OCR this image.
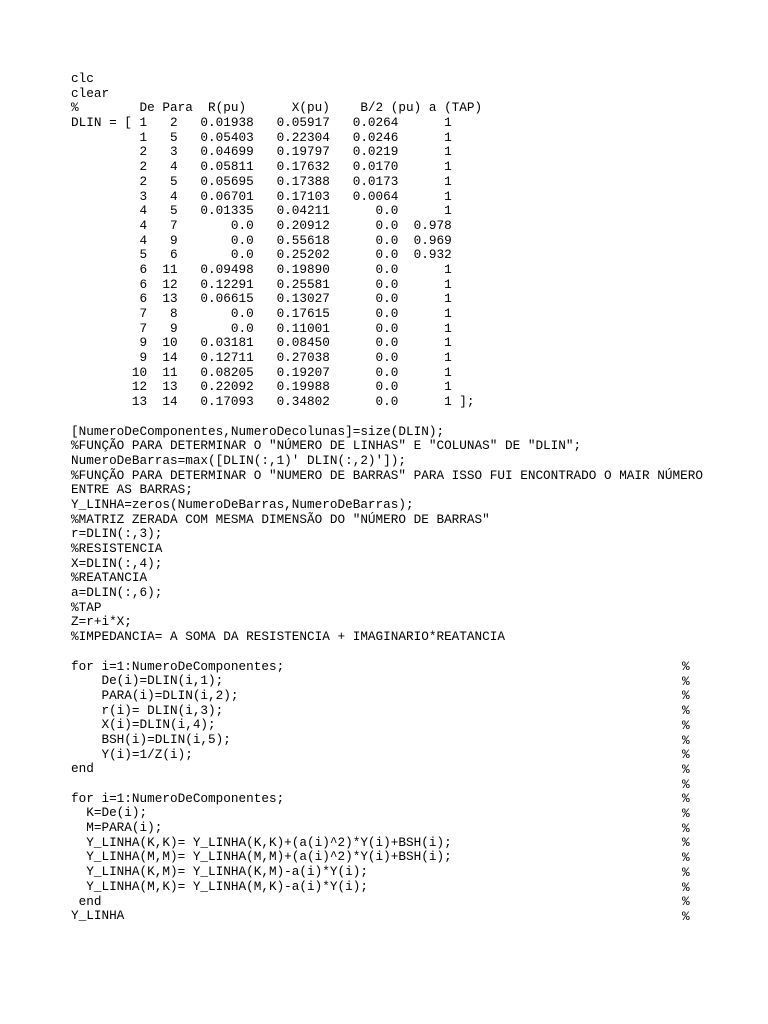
clc
clear
%        De Para  R(pu)      X(pu)    B/2 (pu) a (TAP)
DLIN = [ 1   2   0.01938   0.05917   0.0264      1
1   5   0.05403   0.22304   0.0246      1
2   3   0.04699   0.19797   0.0219      1
2   4   0.05811   0.17632   0.0170      1
2   5   0.05695   0.17388   0.0173      1
3   4   0.06701   0.17103   0.0064      1
4   5   0.01335   0.04211      0.0      1
4   7       0.0   0.20912      0.0  0.978
4   9       0.0   0.55618      0.0  0.969
5   6       0.0   0.25202      0.0  0.932
6  11   0.09498   0.19890      0.0      1
6  12   0.12291   0.25581      0.0      1
6  13   0.06615   0.13027      0.0      1
7   8       0.0   0.17615      0.0      1
7   9       0.0   0.11001      0.0      1
9  10   0.03181   0.08450      0.0      1
9  14   0.12711   0.27038      0.0      1
10  11   0.08205   0.19207      0.0      1
12  13   0.22092   0.19988      0.0      1
13  14   0.17093   0.34802      0.0      1 ];
[NumeroDeComponentes,NumeroDecolunas]=size(DLIN);
%FUNÇÃO PARA DETERMINAR O "NÚMERO DE LINHAS" E "COLUNAS" DE "DLIN";
NumeroDeBarras=max([DLIN(:,1)' DLIN(:,2)']);
%FUNÇÃO PARA DETERMINAR O "NUMERO DE BARRAS" PARA ISSO FUI ENCONTRADO O MAIR NÚMERO
ENTRE AS BARRAS;
Y_LINHA=zeros(NumeroDeBarras,NumeroDeBarras);
%MATRIZ ZERADA COM MESMA DIMENSÃO DO "NÚMERO DE BARRAS"
r=DLIN(:,3);
%RESISTENCIA
X=DLIN(:,4);
%REATANCIA
a=DLIN(:,6);
%TAP
Z=r+i*X;
%IMPEDANCIA= A SOMA DA RESISTENCIA + IMAGINARIO*REATANCIA
for i=1:NumeroDeComponentes;
De(i)=DLIN(i,1);
PARA(i)=DLIN(i,2);
r(i)= DLIN(i,3);
X(i)=DLIN(i,4);
BSH(i)=DLIN(i,5);
Y(i)=1/Z(i);
end
for i=1:NumeroDeComponentes;
K=De(i);
M=PARA(i);
Y_LINHA(K,K)= Y_LINHA(K,K)+(a(i)^2)*Y(i)+BSH(i);
Y_LINHA(M,M)= Y_LINHA(M,M)+(a(i)^2)*Y(i)+BSH(i);
Y_LINHA(K,M)= Y_LINHA(K,M)-a(i)*Y(i);
Y_LINHA(M,K)= Y_LINHA(M,K)-a(i)*Y(i);
end
Y_LINHA
%
%
%
%
%
%
%
%
%
%
%
%
%
%
%
%
%
%
